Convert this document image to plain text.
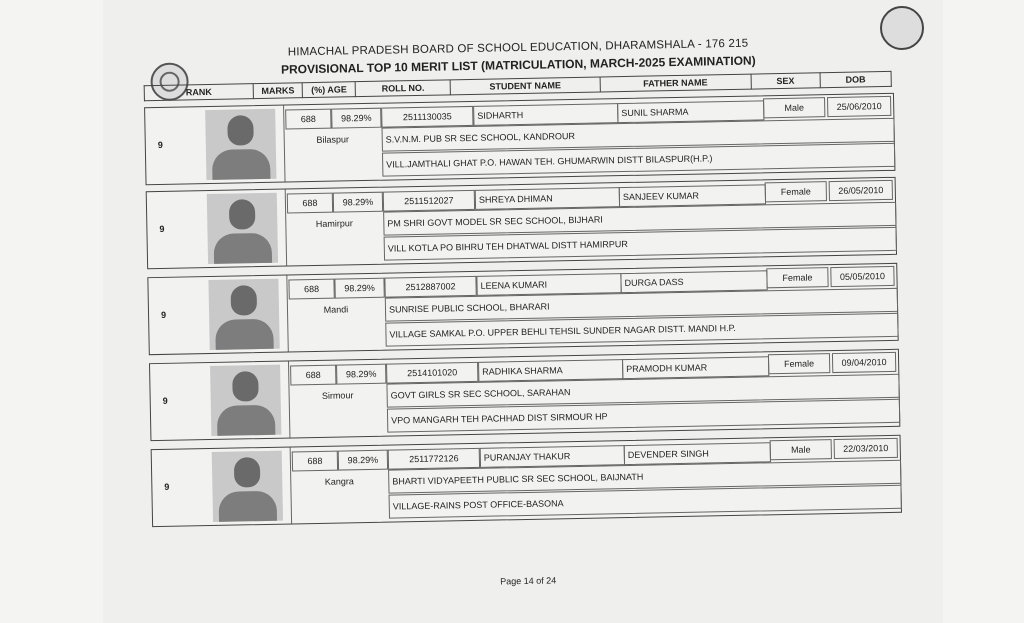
HIMACHAL PRADESH BOARD OF SCHOOL EDUCATION, DHARAMSHALA - 176 215
PROVISIONAL TOP 10 MERIT LIST (MATRICULATION, MARCH-2025 EXAMINATION)
RANK	MARKS	(%) AGE	ROLL NO.	STUDENT NAME	FATHER NAME	SEX	DOB
9
688	98.29%	2511130035	SIDHARTH	SUNIL SHARMA	Male	25/06/2010
Bilaspur	S.V.N.M. PUB SR SEC SCHOOL, KANDROUR
VILL.JAMTHALI GHAT P.O. HAWAN TEH. GHUMARWIN DISTT BILASPUR(H.P.)
9
688	98.29%	2511512027	SHREYA DHIMAN	SANJEEV KUMAR	Female	26/05/2010
Hamirpur	PM SHRI GOVT MODEL SR SEC SCHOOL, BIJHARI
VILL KOTLA PO BIHRU TEH DHATWAL DISTT HAMIRPUR
9
688	98.29%	2512887002	LEENA KUMARI	DURGA DASS	Female	05/05/2010
Mandi	SUNRISE PUBLIC SCHOOL, BHARARI
VILLAGE SAMKAL P.O. UPPER BEHLI TEHSIL SUNDER NAGAR DISTT. MANDI H.P.
9
688	98.29%	2514101020	RADHIKA SHARMA	PRAMODH KUMAR	Female	09/04/2010
Sirmour	GOVT GIRLS SR SEC SCHOOL, SARAHAN
VPO MANGARH TEH PACHHAD DIST SIRMOUR HP
9
688	98.29%	2511772126	PURANJAY THAKUR	DEVENDER SINGH	Male	22/03/2010
Kangra	BHARTI VIDYAPEETH PUBLIC SR SEC SCHOOL, BAIJNATH
VILLAGE-RAINS POST OFFICE-BASONA
Page 14 of 24
